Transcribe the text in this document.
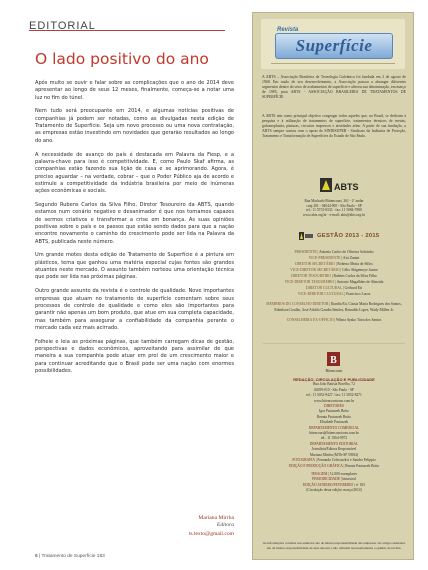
EDITORIAL
O lado positivo do ano

Após muito se ouvir e falar sobre as complicações que o ano de 2014 deve apresentar ao longo de seus 12 meses, finalmente, começa-se a notar uma luz no fim do túnel.

Nem tudo será preocupante em 2014, e algumas notícias positivas de companhias já podem ser notadas, como as divulgadas nesta edição de Tratamento de Superfície. Seja um novo processo ou uma nova contratação, as empresas estão investindo em novidades que gerarão resultados ao longo do ano.

A necessidade de avanço do país é destacada em Palavra da Fiesp, e a palavra-chave para isso é competitividade. E, como Paulo Skaf afirma, as companhias estão fazendo sua lição de casa e se aprimorando. Agora, é preciso aguardar – na verdade, cobrar – que o Poder Público aja de acordo e estimule a competitividade da indústria brasileira por meio de inúmeras ações econômicas e sociais.

Segundo Rubens Carlos da Silva Filho, Diretor Tesoureiro da ABTS, quando estamos num cenário negativo e desanimador é que nos tornamos capazes de sermos criativos e transformar a crise em bonança. As suas opiniões positivas sobre o país e os passos que estão sendo dados para que a nação encontre novamente o caminho do crescimento pode ser lida na Palavra da ABTS, publicada neste número.

Um grande motes desta edição de Tratamento de Superfície é a pintura em plásticos, tema que ganhou uma matéria especial cujas fontes são grandes atuantes neste mercado. O assunto também norteou uma orientação técnica que pode ser lida nas próximas páginas.

Outro grande assunto da revista é o controle de qualidade. Nove importantes empresas que atuam no tratamento de superfície comentam sobre seus processos de controle de qualidade e como eles são importantes para garantir não apenas um bom produto, que atue em sua completa capacidade, mas também para assegurar a confiabilidade da companhia perante o mercado cada vez mais acirrado.

Folheie e leia as próximas páginas, que também carregam dicas de gestão, perspectivas e dados econômicos, aproveitando para assimilar de que maneira a sua companhia pode atuar em prol de um crescimento maior e para continuar acreditando que o Brasil pode ser uma nação com enormes possibilidades.

Mariana Mirrha
Editora
ts.texto@gmail.com
6 | Tratamento de Superfície 183
Revista
Superfície
A ABTS – Associação Brasileira de Tecnologia Galvânica foi fundada em 2 de agosto de 1968. Em razão de seu desenvolvimento, a Associação passou a abranger diferentes segmentos dentro do setor de acabamentos de superfície e alterou sua denominação, em março de 1985, para ABTS - ASSOCIAÇÃO BRASILEIRA DE TRATAMENTOS DE SUPERFÍCIE.
A ABTS tem como principal objetivo congregar todos aqueles que, no Brasil, se dedicam à pesquisa e à utilização de tratamentos de superfície, tratamentos térmicos de metais, galvanoplastia, pinturas, circuitos impressos e atividades afins. A partir de sua fundação, a ABTS sempre contou com o apoio do SINDISUPER - Sindicato da Indústria de Proteção, Tratamento e Transformação de Superfícies do Estado de São Paulo.
ABTS
Rua Machado Bittencourt, 361 - 2º andar
conj.201 - 04044-905 - São Paulo - SP
tel.: 11 5574-8333 - fax: 11 5084-7890
www.abts.org.br - e-mail: abts@abts.org.br
GESTÃO 2013 - 2015
PRESIDENTE | Antonio Carlos de Oliveira Sobrinho
VICE-PRESIDENTE | Airi Zanini
DIRETOR SECRETÁRIO | Roberto Motta de Sillos
VICE-DIRETOR SECRETÁRIO | Célio Shigemoye Junior
DIRETOR TESOUREIRO | Rubens Carlos da Silva Filho
VICE-DIRETOR TESOUREIRO | Antonio Magalhães de Almeida
DIRETOR CULTURAL | Gerhard Ett
VICE-DIRETOR CULTURAL | Francisco Lucas
MEMBROS DO CONSELHO DIRETOR | Ibardia Eti, Cássia Maria Rodrigues dos Santos, Edmilson Goulão, José Adolfo Gaudin Simões, Reinaldo Lopes, Wady Millen Jr.
CONSELHEIRA EX-OFFICIO | Wilma Ayako Taira dos Santos
B
Bitencourt
REDAÇÃO, CIRCULAÇÃO E PUBLICIDADE
Rua João Batista Botelho, 72
04059-010 - São Paulo - SP
tel.: 11 5052-9427 / fax: 11 5052-8271
www.bitencourtcom.com.br
DIRETORES
Igor Pastuszek Boito
Renata Pastuszek Boito
Elisabeth Pastuszek
DEPARTAMENTO COMERCIAL
bitencourt@bitencourtcom.com.br
tel.: 11 3564-9972
DEPARTAMENTO EDITORIAL
Jornalista/Editora Responsável
Mariana Mirrha (MTb-SP 59584)
FOTOGRAFIA | Fernando Celescuekci e Sandro Felippio
EDIÇÃO E PRODUÇÃO GRÁFICA | Renata Pastuszek Boito
TIRAGEM | 12.000 exemplares
PERIODICIDADE | bimestral
EDIÇÃO JANEIRO/FEVEREIRO | nº 183
(Circulação desta edição: março/2014)
As informações contidas nos anúncios são de inteira responsabilidade das empresas. Os artigos assinados são de inteira responsabilidade de seus autores e não refletem necessariamente a opinião da revista.
